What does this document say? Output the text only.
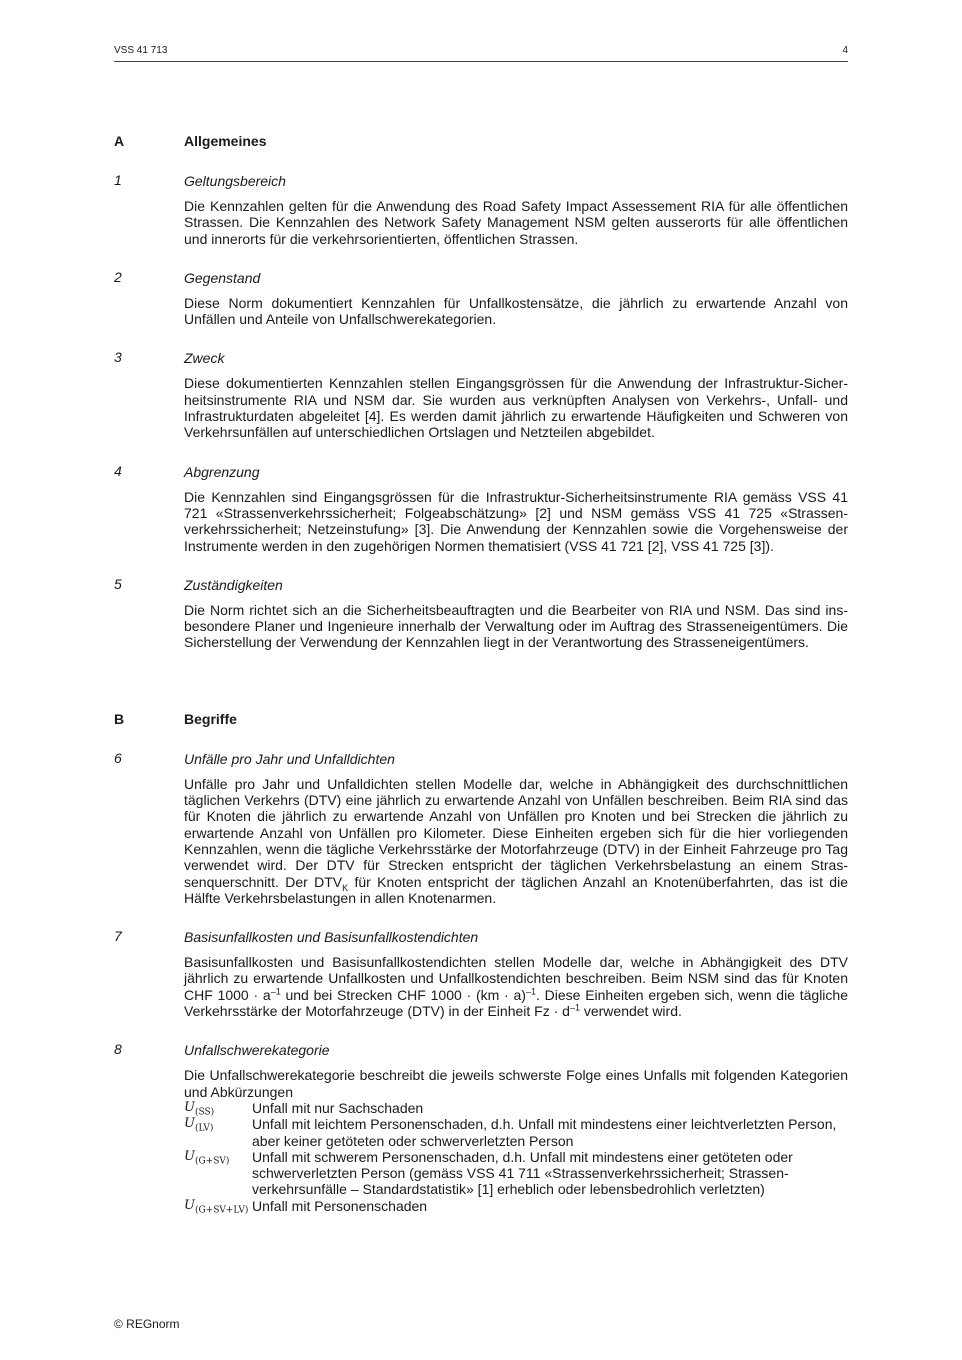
VSS 41 713	4
A	Allgemeines
1	Geltungsbereich
Die Kennzahlen gelten für die Anwendung des Road Safety Impact Assessement RIA für alle öffentlichen Strassen. Die Kennzahlen des Network Safety Management NSM gelten ausserorts für alle öffentlichen und innerorts für die verkehrsorientierten, öffentlichen Strassen.
2	Gegenstand
Diese Norm dokumentiert Kennzahlen für Unfallkostensätze, die jährlich zu erwartende Anzahl von Unfällen und Anteile von Unfallschwerekategorien.
3	Zweck
Diese dokumentierten Kennzahlen stellen Eingangsgrössen für die Anwendung der Infrastruktur-Sicherheitsinstrumente RIA und NSM dar. Sie wurden aus verknüpften Analysen von Verkehrs-, Unfall- und Infrastrukturdaten abgeleitet [4]. Es werden damit jährlich zu erwartende Häufigkeiten und Schweren von Verkehrsunfällen auf unterschiedlichen Ortslagen und Netzteilen abgebildet.
4	Abgrenzung
Die Kennzahlen sind Eingangsgrössen für die Infrastruktur-Sicherheitsinstrumente RIA gemäss VSS 41 721 «Strassenverkehrssicherheit; Folgeabschätzung» [2] und NSM gemäss VSS 41 725 «Strassenverkehrssicherheit; Netzeinstufung» [3]. Die Anwendung der Kennzahlen sowie die Vorgehensweise der Instrumente werden in den zugehörigen Normen thematisiert (VSS 41 721 [2], VSS 41 725 [3]).
5	Zuständigkeiten
Die Norm richtet sich an die Sicherheitsbeauftragten und die Bearbeiter von RIA und NSM. Das sind insbesondere Planer und Ingenieure innerhalb der Verwaltung oder im Auftrag des Strasseneigentümers. Die Sicherstellung der Verwendung der Kennzahlen liegt in der Verantwortung des Strasseneigentümers.
B	Begriffe
6	Unfälle pro Jahr und Unfalldichten
Unfälle pro Jahr und Unfalldichten stellen Modelle dar, welche in Abhängigkeit des durchschnittlichen täglichen Verkehrs (DTV) eine jährlich zu erwartende Anzahl von Unfällen beschreiben. Beim RIA sind das für Knoten die jährlich zu erwartende Anzahl von Unfällen pro Knoten und bei Strecken die jährlich zu erwartende Anzahl von Unfällen pro Kilometer. Diese Einheiten ergeben sich für die hier vorliegenden Kennzahlen, wenn die tägliche Verkehrsstärke der Motorfahrzeuge (DTV) in der Einheit Fahrzeuge pro Tag verwendet wird. Der DTV für Strecken entspricht der täglichen Verkehrsbelastung an einem Strassenquerschnitt. Der $DTV_K$ für Knoten entspricht der täglichen Anzahl an Knotenüberfahrten, das ist die Hälfte Verkehrsbelastungen in allen Knotenarmen.
7	Basisunfallkosten und Basisunfallkostendichten
Basisunfallkosten und Basisunfallkostendichten stellen Modelle dar, welche in Abhängigkeit des DTV jährlich zu erwartende Unfallkosten und Unfallkostendichten beschreiben. Beim NSM sind das für Knoten CHF $1000 \cdot a^{-1}$ und bei Strecken CHF 1000 · (km · a)$^{-1}$. Diese Einheiten ergeben sich, wenn die tägliche Verkehrsstärke der Motorfahrzeuge (DTV) in der Einheit $Fz \cdot d^{-1}$ verwendet wird.
8	Unfallschwerekategorie
Die Unfallschwerekategorie beschreibt die jeweils schwerste Folge eines Unfalls mit folgenden Kategorien und Abkürzungen
$U_{(SS)}$	Unfall mit nur Sachschaden
$U_{(LV)}$	Unfall mit leichtem Personenschaden, d.h. Unfall mit mindestens einer leichtverletzten Person, aber keiner getöteten oder schwerverletzten Person
$U_{(G+SV)}$ Unfall mit schwerem Personenschaden, d.h. Unfall mit mindestens einer getöteten oder schwerverletzten Person (gemäss VSS 41 711 «Strassenverkehrssicherheit; Strassenverkehrsunfälle – Standardstatistik» [1] erheblich oder lebensbedrohlich verletzten)
$U_{(G+SV+LV)}$ Unfall mit Personenschaden
© REGnorm
